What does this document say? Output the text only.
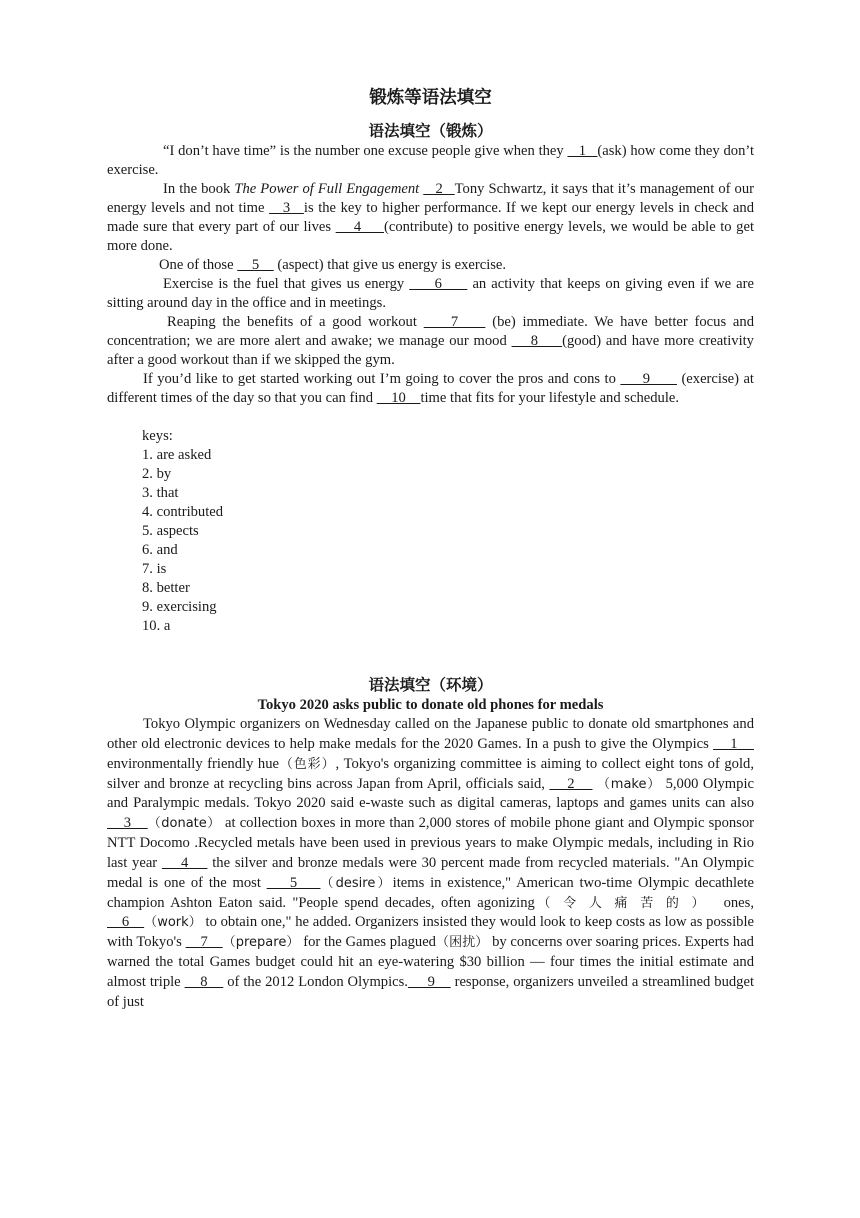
锻炼等语法填空
语法填空（锻炼）

“I don’t have time” is the number one excuse people give when they    1   (ask) how come they don’t exercise.

In the book The Power of Full Engagement    2   Tony Schwartz, it says that it’s management of our energy levels and not time    3   is the key to higher performance. If we kept our energy levels in check and made sure that every part of our lives     4     (contribute) to positive energy levels, we would be able to get more done.

One of those     5     (aspect) that give us energy is exercise.

Exercise is the fuel that gives us energy      6      an activity that keeps on giving even if we are sitting around day in the office and in meetings.

Reaping the benefits of a good workout     7     (be) immediate. We have better focus and concentration; we are more alert and awake; we manage our mood     8     (good) and have more creativity after a good workout than if we skipped the gym.

If you’d like to get started working out I’m going to cover the pros and cons to      9       (exercise) at different times of the day so that you can find     10    time that fits for your lifestyle and schedule.

keys:
1. are asked
2. by
3. that
4. contributed
5. aspects
6. and
7. is
8. better
9. exercising
10. a
语法填空（环境）
Tokyo 2020 asks public to donate old phones for medals

Tokyo Olympic organizers on Wednesday called on the Japanese public to donate old smartphones and other old electronic devices to help make medals for the 2020 Games. In a push to give the Olympics     1     environmentally friendly hue（色彩）, Tokyo's organizing committee is aiming to collect eight tons of gold, silver and bronze at recycling bins across Japan from April, officials said,     2     （make） 5,000 Olympic and Paralympic medals. Tokyo 2020 said e-waste such as digital cameras, laptops and games units can also     3    （donate） at collection boxes in more than 2,000 stores of mobile phone giant and Olympic sponsor NTT Docomo .Recycled metals have been used in previous years to make Olympic medals, including in Rio last year     4     the silver and bronze medals were 30 percent made from recycled materials. "An Olympic medal is one of the most     5    （desire）items in existence," American two-time Olympic decathlete champion Ashton Eaton said. "People spend decades, often agonizing（令人痛苦的） ones,     6    （work） to obtain one," he added. Organizers insisted they would look to keep costs as low as possible with Tokyo's     7    （prepare） for the Games plagued（困扰） by concerns over soaring prices. Experts had warned the total Games budget could hit an eye-watering $30 billion — four times the initial estimate and almost triple     8     of the 2012 London Olympics.     9     response, organizers unveiled a streamlined budget of just
